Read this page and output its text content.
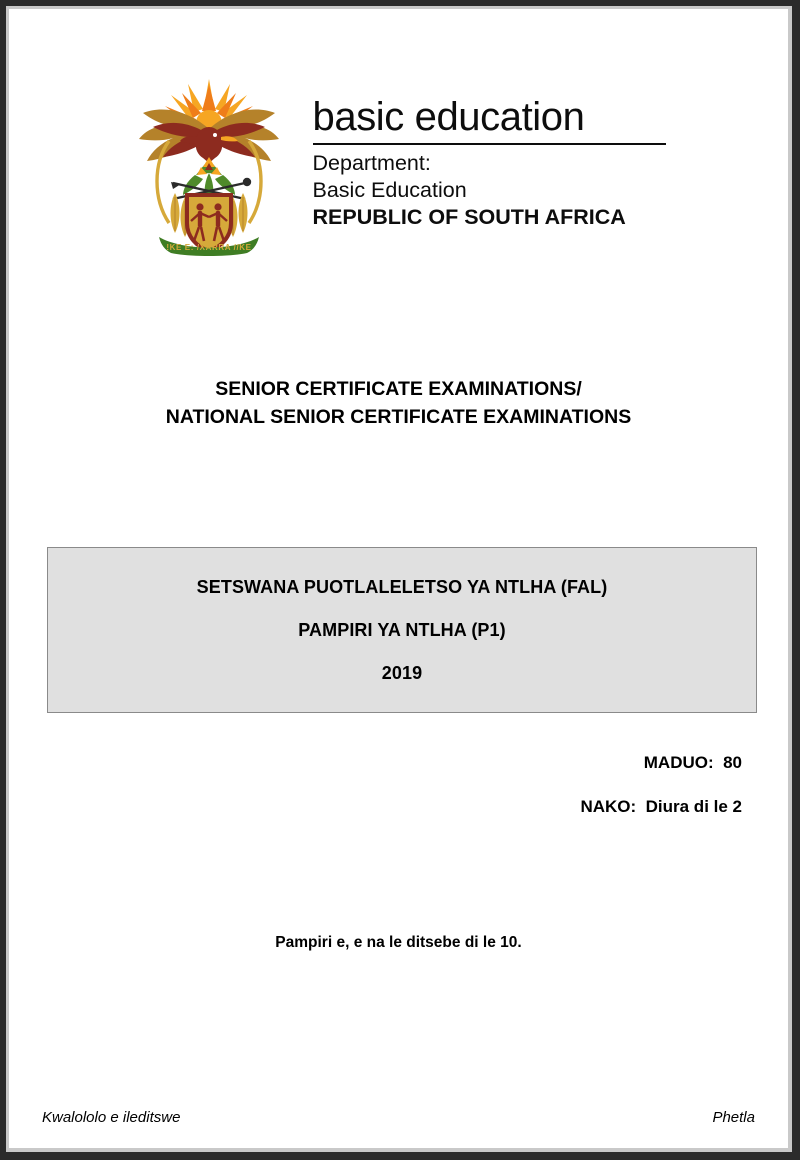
!KE E: /XARRA //KE
basic education
Department:
Basic Education
REPUBLIC OF SOUTH AFRICA
SENIOR CERTIFICATE EXAMINATIONS/
NATIONAL SENIOR CERTIFICATE EXAMINATIONS
SETSWANA PUOTLALELETSO YA NTLHA (FAL)
PAMPIRI YA NTLHA (P1)
2019
MADUO:  80
NAKO:  Diura di le 2
Pampiri e, e na le ditsebe di le 10.
Kwalololo e ileditswe	Phetla
